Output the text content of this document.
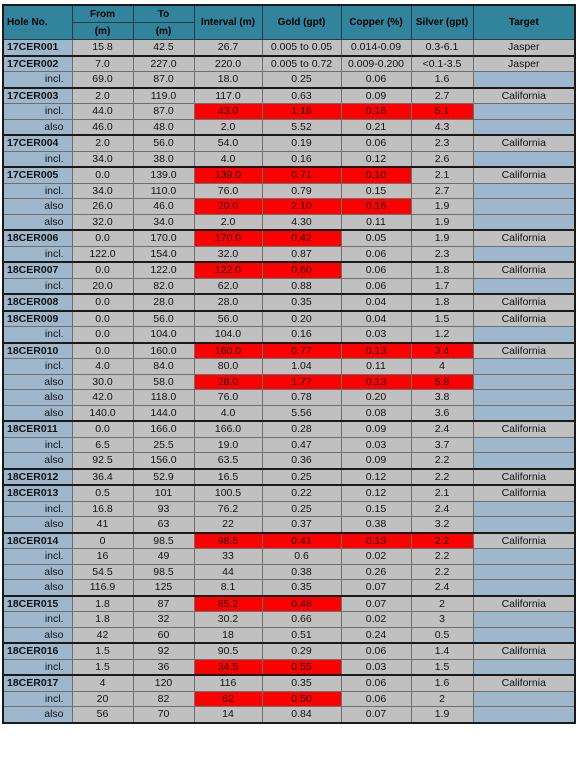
Hole No.	From	To	Interval (m)	Gold (gpt)	Copper (%)	Silver (gpt)	Target
	(m)	(m)					
17CER001	15.8	42.5	26.7	0.005 to 0.05	0.014-0.09	0.3-6.1	Jasper
17CER002	7.0	227.0	220.0	0.005 to 0.72	0.009-0.200	<0.1-3.5	Jasper
incl.	69.0	87.0	18.0	0.25	0.06	1.6	
17CER003	2.0	119.0	117.0	0.63	0.09	2.7	California
incl.	44.0	87.0	43.0	1.18	0.16	5.1	
also	46.0	48.0	2.0	5.52	0.21	4.3	
17CER004	2.0	56.0	54.0	0.19	0.06	2.3	California
incl.	34.0	38.0	4.0	0.16	0.12	2.6	
17CER005	0.0	139.0	139.0	0.71	0.10	2.1	California
incl.	34.0	110.0	76.0	0.79	0.15	2.7	
also	26.0	46.0	20.0	2.10	0.16	1.9	
also	32.0	34.0	2.0	4.30	0.11	1.9	
18CER006	0.0	170.0	170.0	0.42	0.05	1.9	California
incl.	122.0	154.0	32.0	0.87	0.06	2.3	
18CER007	0.0	122.0	122.0	0.60	0.06	1.8	California
incl.	20.0	82.0	62.0	0.88	0.06	1.7	
18CER008	0.0	28.0	28.0	0.35	0.04	1.8	California
18CER009	0.0	56.0	56.0	0.20	0.04	1.5	California
incl.	0.0	104.0	104.0	0.16	0.03	1.2	
18CER010	0.0	160.0	160.0	0.77	0.13	3.4	California
incl.	4.0	84.0	80.0	1.04	0.11	4	
also	30.0	58.0	28.0	1.77	0.13	5.8	
also	42.0	118.0	76.0	0.78	0.20	3.8	
also	140.0	144.0	4.0	5.56	0.08	3.6	
18CER011	0.0	166.0	166.0	0.28	0.09	2.4	California
incl.	6.5	25.5	19.0	0.47	0.03	3.7	
also	92.5	156.0	63.5	0.36	0.09	2.2	
18CER012	36.4	52.9	16.5	0.25	0.12	2.2	California
18CER013	0.5	101	100.5	0.22	0.12	2.1	California
incl.	16.8	93	76.2	0.25	0.15	2.4	
also	41	63	22	0.37	0.38	3.2	
18CER014	0	98.5	98.5	0.41	0.13	2.2	California
incl.	16	49	33	0.6	0.02	2.2	
also	54.5	98.5	44	0.38	0.26	2.2	
also	116.9	125	8.1	0.35	0.07	2.4	
18CER015	1.8	87	85.2	0.48	0.07	2	California
incl.	1.8	32	30.2	0.66	0.02	3	
also	42	60	18	0.51	0.24	0.5	
18CER016	1.5	92	90.5	0.29	0.06	1.4	California
incl.	1.5	36	34.5	0.55	0.03	1.5	
18CER017	4	120	116	0.35	0.06	1.6	California
incl.	20	82	62	0.50	0.06	2	
also	56	70	14	0.84	0.07	1.9	
